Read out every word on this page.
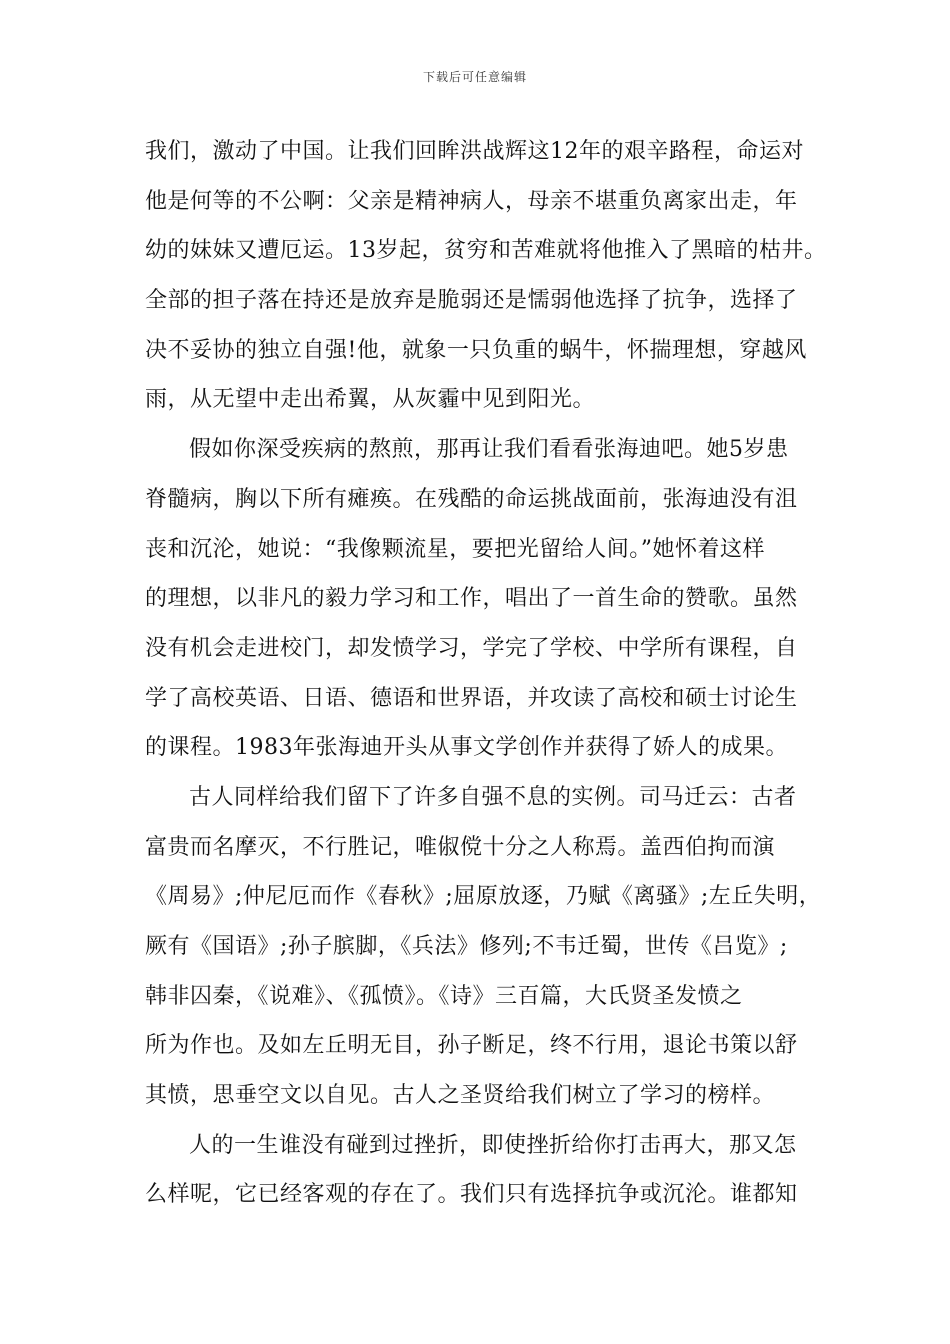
下载后可任意编辑
我们，激动了中国。让我们回眸洪战辉这12年的艰辛路程，命运对
他是何等的不公啊：父亲是精神病人，母亲不堪重负离家出走，年
幼的妹妹又遭厄运。13岁起，贫穷和苦难就将他推入了黑暗的枯井。
全部的担子落在持还是放弃是脆弱还是懦弱他选择了抗争，选择了
决不妥协的独立自强!他，就象一只负重的蜗牛，怀揣理想，穿越风
雨，从无望中走出希翼，从灰霾中见到阳光。
假如你深受疾病的熬煎，那再让我们看看张海迪吧。她5岁患
脊髓病，胸以下所有瘫痪。在残酷的命运挑战面前，张海迪没有沮
丧和沉沦，她说：“我像颗流星，要把光留给人间。”她怀着这样
的理想，以非凡的毅力学习和工作，唱出了一首生命的赞歌。虽然
没有机会走进校门，却发愤学习，学完了学校、中学所有课程，自
学了高校英语、日语、德语和世界语，并攻读了高校和硕士讨论生
的课程。1983年张海迪开头从事文学创作并获得了娇人的成果。
古人同样给我们留下了许多自强不息的实例。司马迁云：古者
富贵而名摩灭，不行胜记，唯俶傥十分之人称焉。盖西伯拘而演
《周易》;仲尼厄而作《春秋》;屈原放逐，乃赋《离骚》;左丘失明，
厥有《国语》;孙子膑脚，《兵法》修列;不韦迁蜀，世传《吕览》;
韩非囚秦，《说难》、《孤愤》。《诗》三百篇，大氏贤圣发愤之
所为作也。及如左丘明无目，孙子断足，终不行用，退论书策以舒
其愤，思垂空文以自见。古人之圣贤给我们树立了学习的榜样。
人的一生谁没有碰到过挫折，即使挫折给你打击再大，那又怎
么样呢，它已经客观的存在了。我们只有选择抗争或沉沦。谁都知
